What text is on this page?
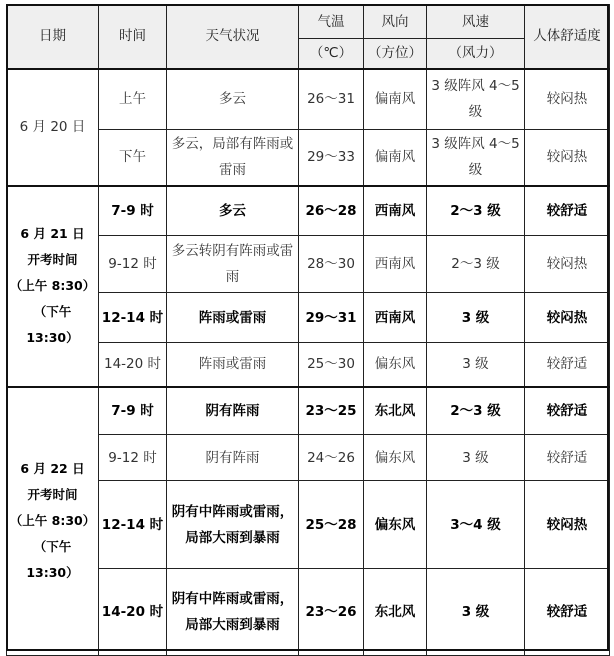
日期	时间	天气状况	气温	风向	风速	人体舒适度
			（℃）	（方位）	（风力）	
6 月 20 日	上午	多云	26～31	偏南风	3 级阵风 4～5 级	较闷热
	下午	多云，局部有阵雨或雷雨	29～33	偏南风	3 级阵风 4～5 级	较闷热

6 月 21 日
开考时间
（上午 8:30）
（下午 13:30）	7-9 时	多云	26～28	西南风	2～3 级	较舒适
	9-12 时	多云转阴有阵雨或雷雨	28～30	西南风	2～3 级	较闷热
	12-14 时	阵雨或雷雨	29～31	西南风	3 级	较闷热
	14-20 时	阵雨或雷雨	25～30	偏东风	3 级	较舒适

6 月 22 日
开考时间
（上午 8:30）
（下午 13:30）	7-9 时	阴有阵雨	23～25	东北风	2～3 级	较舒适
	9-12 时	阴有阵雨	24～26	偏东风	3 级	较舒适
	12-14 时	阴有中阵雨或雷雨，局部大雨到暴雨	25～28	偏东风	3～4 级	较闷热
	14-20 时	阴有中阵雨或雷雨，局部大雨到暴雨	23～26	东北风	3 级	较舒适
